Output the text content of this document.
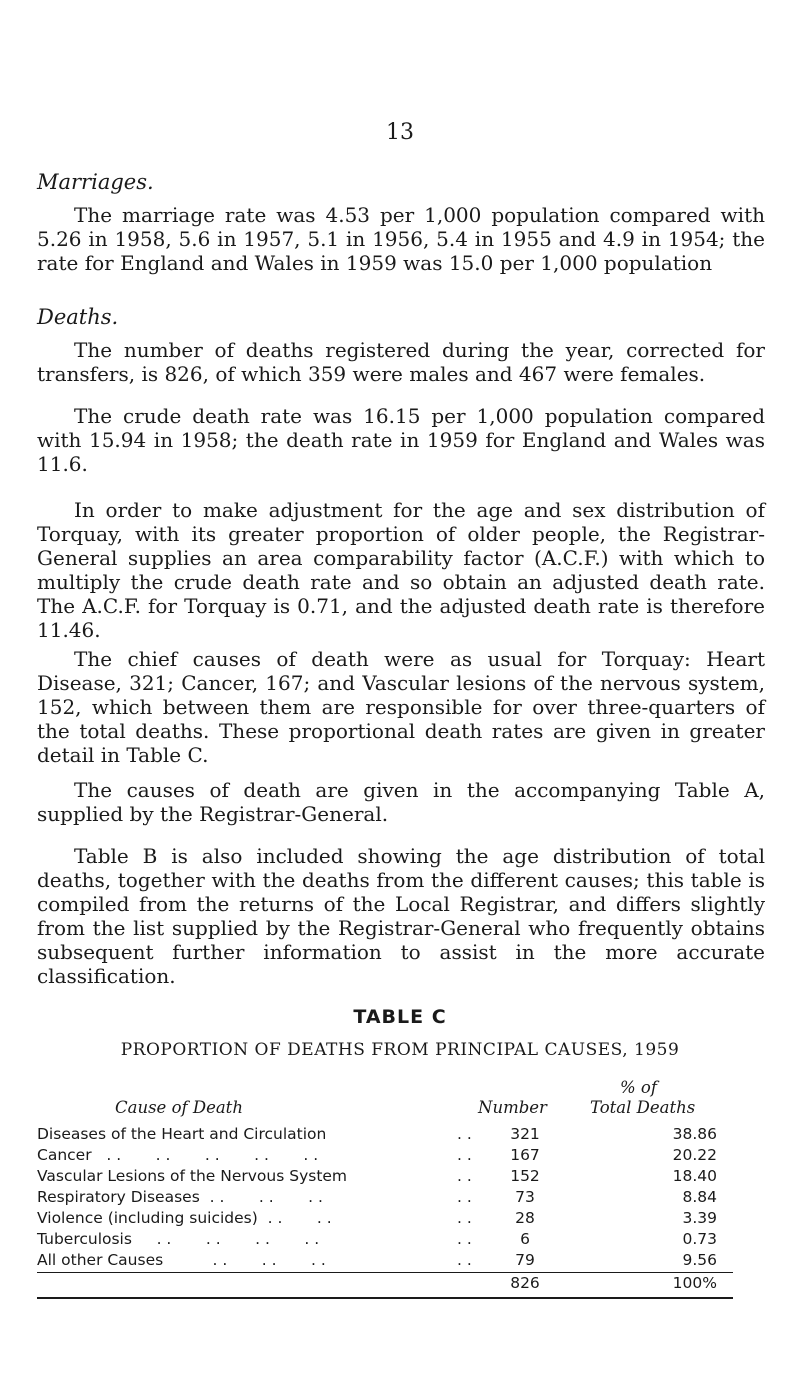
13
Marriages.
The marriage rate was 4.53 per 1,000 population compared with 5.26 in 1958, 5.6 in 1957, 5.1 in 1956, 5.4 in 1955 and 4.9 in 1954; the rate for England and Wales in 1959 was 15.0 per 1,000 population
Deaths.
The number of deaths registered during the year, corrected for transfers, is 826, of which 359 were males and 467 were females.
The crude death rate was 16.15 per 1,000 population compared with 15.94 in 1958; the death rate in 1959 for England and Wales was 11.6.
In order to make adjustment for the age and sex distribution of Torquay, with its greater proportion of older people, the Registrar-General supplies an area comparability factor (A.C.F.) with which to multiply the crude death rate and so obtain an adjusted death rate. The A.C.F. for Torquay is 0.71, and the adjusted death rate is therefore 11.46.
The chief causes of death were as usual for Torquay: Heart Disease, 321; Cancer, 167; and Vascular lesions of the nervous system, 152, which between them are responsible for over three-quarters of the total deaths. These proportional death rates are given in greater detail in Table C.
The causes of death are given in the accompanying Table A, supplied by the Registrar-General.
Table B is also included showing the age distribution of total deaths, together with the deaths from the different causes; this table is compiled from the returns of the Local Registrar, and differs slightly from the list supplied by the Registrar-General who frequently obtains subsequent further information to assist in the more accurate classification.
TABLE C
PROPORTION OF DEATHS FROM PRINCIPAL CAUSES, 1959
Cause of Death	Number
% of
Total Deaths
Diseases of the Heart and Circulation	. .	321	38.86
Cancer   . .       . .       . .       . .       . .	. .	167	20.22
Vascular Lesions of the Nervous System	. .	152	18.40
Respiratory Diseases  . .       . .       . .	. .	73	8.84
Violence (including suicides)  . .       . .	. .	28	3.39
Tuberculosis     . .       . .       . .       . .	. .	6	0.73
All other Causes          . .       . .       . .	. .	79	9.56
826	100%
